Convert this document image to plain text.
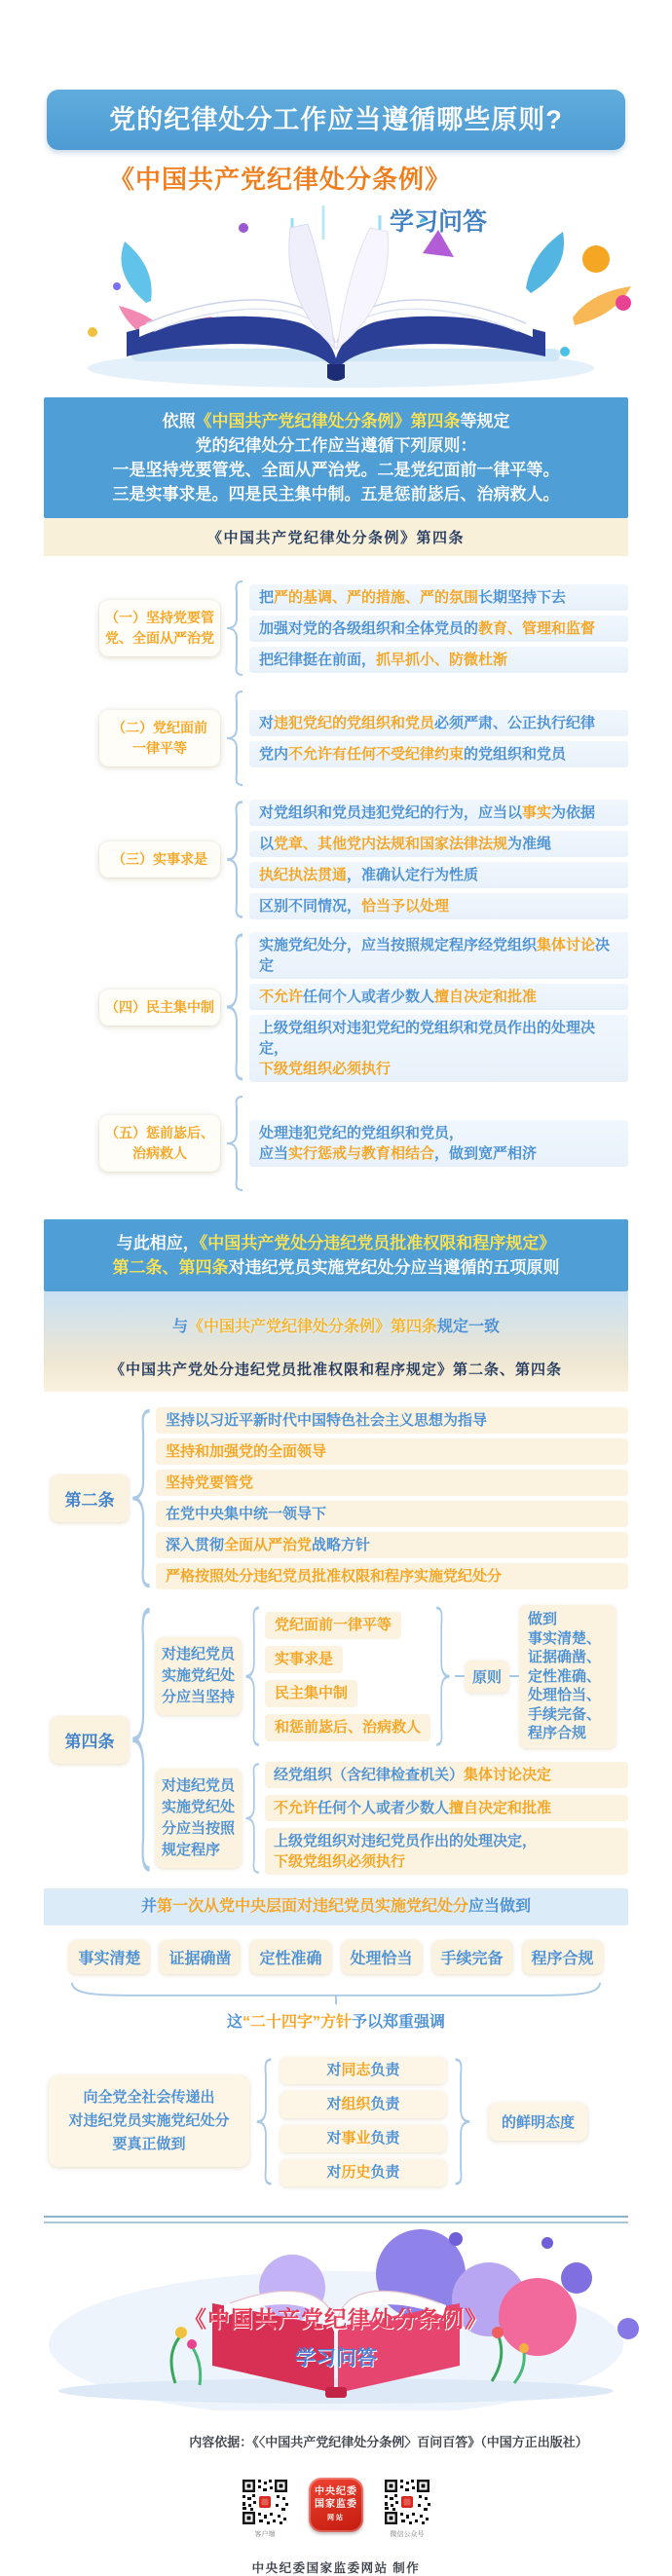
党的纪律处分工作应当遵循哪些原则?
《中国共产党纪律处分条例》
学习问答
依照《中国共产党纪律处分条例》第四条等规定
党的纪律处分工作应当遵循下列原则：
一是坚持党要管党、全面从严治党。二是党纪面前一律平等。
三是实事求是。四是民主集中制。五是惩前毖后、治病救人。
《中国共产党纪律处分条例》第四条
（一）坚持党要管
党、全面从严治党
把严的基调、严的措施、严的氛围长期坚持下去
加强对党的各级组织和全体党员的教育、管理和监督
把纪律挺在前面，抓早抓小、防微杜渐
（二）党纪面前
一律平等
对违犯党纪的党组织和党员必须严肃、公正执行纪律
党内不允许有任何不受纪律约束的党组织和党员
（三）实事求是
对党组织和党员违犯党纪的行为，应当以事实为依据
以党章、其他党内法规和国家法律法规为准绳
执纪执法贯通，准确认定行为性质
区别不同情况，恰当予以处理
（四）民主集中制
实施党纪处分，应当按照规定程序经党组织集体讨论决定
不允许任何个人或者少数人擅自决定和批准
上级党组织对违犯党纪的党组织和党员作出的处理决定，
下级党组织必须执行
（五）惩前毖后、
治病救人
处理违犯党纪的党组织和党员，
应当实行惩戒与教育相结合，做到宽严相济
与此相应，《中国共产党处分违纪党员批准权限和程序规定》
第二条、第四条对违纪党员实施党纪处分应当遵循的五项原则
与《中国共产党纪律处分条例》第四条规定一致
《中国共产党处分违纪党员批准权限和程序规定》第二条、第四条
第二条
坚持以习近平新时代中国特色社会主义思想为指导
坚持和加强党的全面领导
坚持党要管党
在党中央集中统一领导下
深入贯彻全面从严治党战略方针
严格按照处分违纪党员批准权限和程序实施党纪处分
第四条
对违纪党员实施党纪处分应当坚持
党纪面前一律平等
实事求是
民主集中制
和惩前毖后、治病救人
原则
做到
事实清楚、
证据确凿、
定性准确、
处理恰当、
手续完备、
程序合规
对违纪党员实施党纪处分应当按照规定程序
经党组织（含纪律检查机关）集体讨论决定
不允许任何个人或者少数人擅自决定和批准
上级党组织对违纪党员作出的处理决定，
下级党组织必须执行
并第一次从党中央层面对违纪党员实施党纪处分应当做到
事实清楚	证据确凿	定性准确	处理恰当	手续完备	程序合规
这“二十四字”方针予以郑重强调
向全党全社会传递出
对违纪党员实施党纪处分
要真正做到
对同志负责
对组织负责
对事业负责
对历史负责
的鲜明态度
《中国共产党纪律处分条例》
学习问答
内容依据：《〈中国共产党纪律处分条例〉百问百答》（中国方正出版社）
客户端
中央纪委
国家监委
网站
微信公众号
中央纪委国家监委网站 制作
